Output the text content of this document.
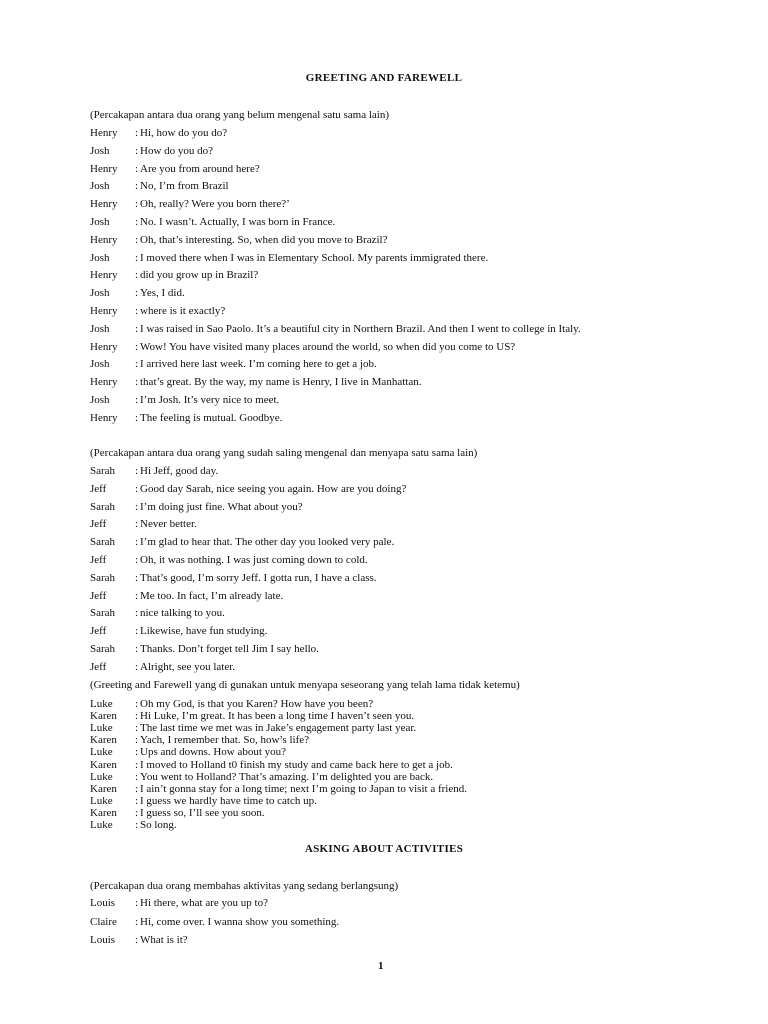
GREETING AND FAREWELL
(Percakapan antara dua orang yang belum mengenal satu sama lain)
Henry	: Hi, how do you do?
Josh	: How do you do?
Henry	: Are you from around here?
Josh	: No, I’m from Brazil
Henry	: Oh, really? Were you born there?’
Josh	: No. I wasn’t. Actually, I was born in France.
Henry	: Oh, that’s interesting. So, when did you move to Brazil?
Josh	: I moved there when I was in Elementary School. My parents immigrated there.
Henry	: did you grow up in Brazil?
Josh	: Yes, I did.
Henry	: where is it exactly?
Josh	: I was raised in Sao Paolo. It’s a beautiful city in Northern Brazil. And then I went to college in Italy.
Henry	: Wow! You have visited many places around the world, so when did you come to US?
Josh	: I arrived here last week. I’m coming here to get a job.
Henry	: that’s great. By the way, my name is Henry, I live in Manhattan.
Josh	: I’m Josh. It’s very nice to meet.
Henry	: The feeling is mutual. Goodbye.
(Percakapan antara dua orang yang sudah saling mengenal dan menyapa satu sama lain)
Sarah	: Hi Jeff, good day.
Jeff	: Good day Sarah, nice seeing you again. How are you doing?
Sarah	: I’m doing just fine. What about you?
Jeff	: Never better.
Sarah	: I’m glad to hear that. The other day you looked very pale.
Jeff	: Oh, it was nothing. I was just coming down to cold.
Sarah	: That’s good, I’m sorry Jeff. I gotta run, I have a class.
Jeff	: Me too. In fact, I’m already late.
Sarah	: nice talking to you.
Jeff	: Likewise, have fun studying.
Sarah	: Thanks. Don’t forget tell Jim I say hello.
Jeff	: Alright, see you later.
(Greeting and Farewell yang di gunakan untuk menyapa seseorang yang telah lama tidak ketemu)
Luke	: Oh my God, is that you Karen? How have you been?
Karen	: Hi Luke, I’m great. It has been a long time I haven’t seen you.
Luke	: The last time we met was in Jake’s engagement party last year.
Karen	: Yach, I remember that. So, how’s life?
Luke	: Ups and downs. How about you?
Karen	: I moved to Holland t0 finish my study and came back here to get a job.
Luke	: You went to Holland? That’s amazing. I’m delighted you are back.
Karen	: I ain’t gonna stay for a long time; next I’m going to Japan to visit a friend.
Luke	: I guess we hardly have time to catch up.
Karen	: I guess so, I’ll see you soon.
Luke	: So long.
ASKING ABOUT ACTIVITIES
(Percakapan dua orang membahas aktivitas yang sedang berlangsung)
Louis	: Hi there, what are you up to?
Claire	: Hi, come over. I wanna show you something.
Louis	: What is it?
1
